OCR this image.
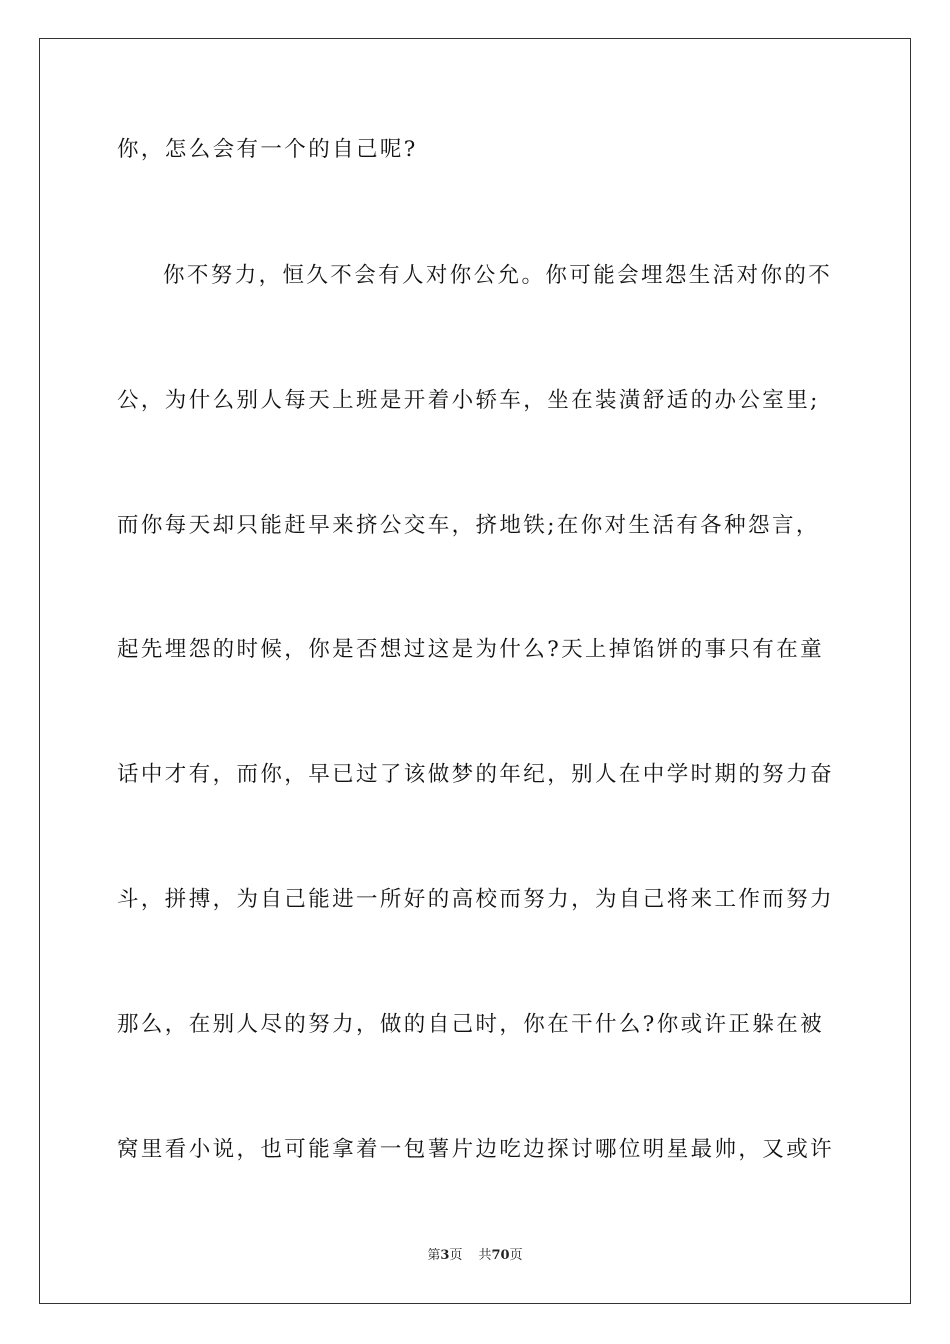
你，怎么会有一个的自己呢?
你不努力，恒久不会有人对你公允。你可能会埋怨生活对你的不
公，为什么别人每天上班是开着小轿车，坐在装潢舒适的办公室里;
而你每天却只能赶早来挤公交车，挤地铁;在你对生活有各种怨言，
起先埋怨的时候，你是否想过这是为什么?天上掉馅饼的事只有在童
话中才有，而你，早已过了该做梦的年纪，别人在中学时期的努力奋
斗，拼搏，为自己能进一所好的高校而努力，为自己将来工作而努力
那么，在别人尽的努力，做的自己时，你在干什么?你或许正躲在被
窝里看小说，也可能拿着一包薯片边吃边探讨哪位明星最帅，又或许
第3页 共70页
